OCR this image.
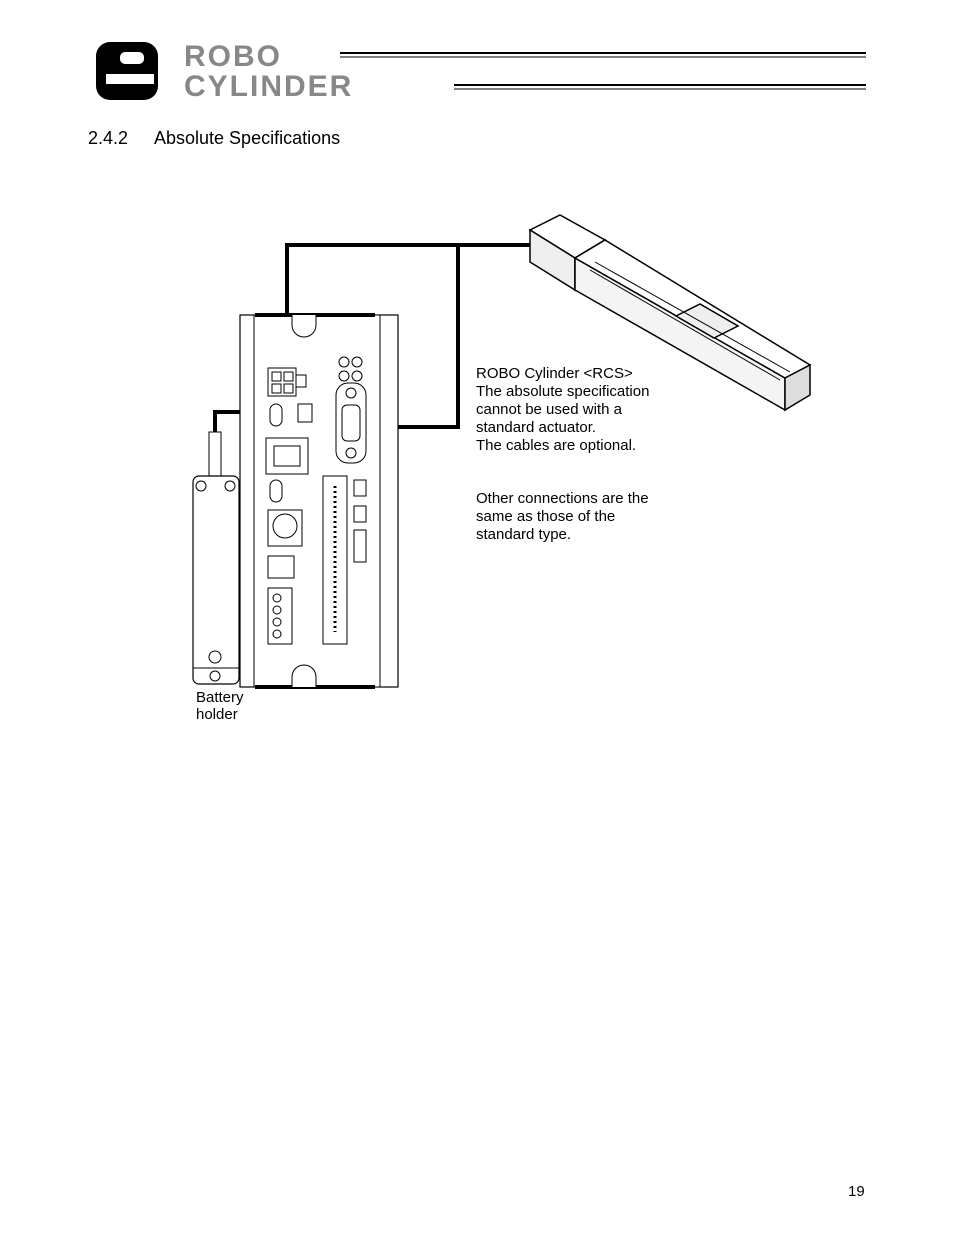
ROBO
CYLINDER
2.4.2 Absolute Specifications
ROBO Cylinder <RCS>
The absolute specification
cannot be used with a
standard actuator.
The cables are optional.
Other connections are the
same as those of the
standard type.
Battery
holder
19
